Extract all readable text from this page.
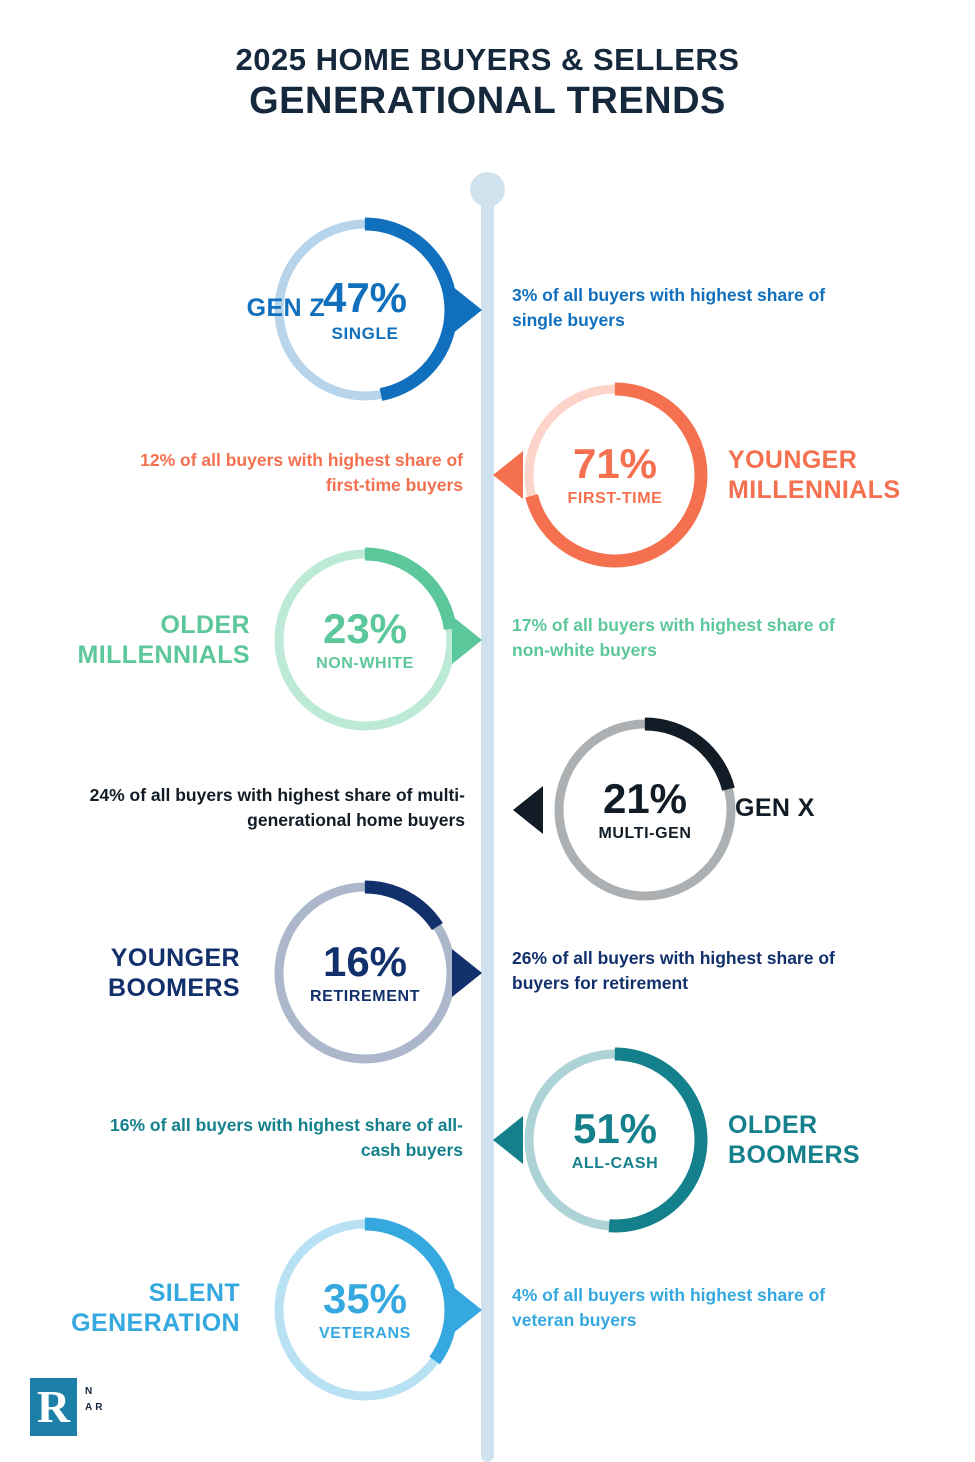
2025 HOME BUYERS & SELLERS
GENERATIONAL TRENDS
GEN Z
47%
SINGLE
3% of all buyers with highest share of single buyers
71%
FIRST-TIME
12% of all buyers with highest share of first-time buyers
YOUNGER MILLENNIALS
OLDER MILLENNIALS
23%
NON-WHITE
17% of all buyers with highest share of non-white buyers
21%
MULTI-GEN
24% of all buyers with highest share of multi-generational home buyers	GEN X
YOUNGER BOOMERS
16%
RETIREMENT
26% of all buyers with highest share of buyers for retirement
51%
ALL-CASH
16% of all buyers with highest share of all-cash buyers
OLDER BOOMERS
SILENT GENERATION
35%
VETERANS
4% of all buyers with highest share of veteran buyers
R	N
AR
